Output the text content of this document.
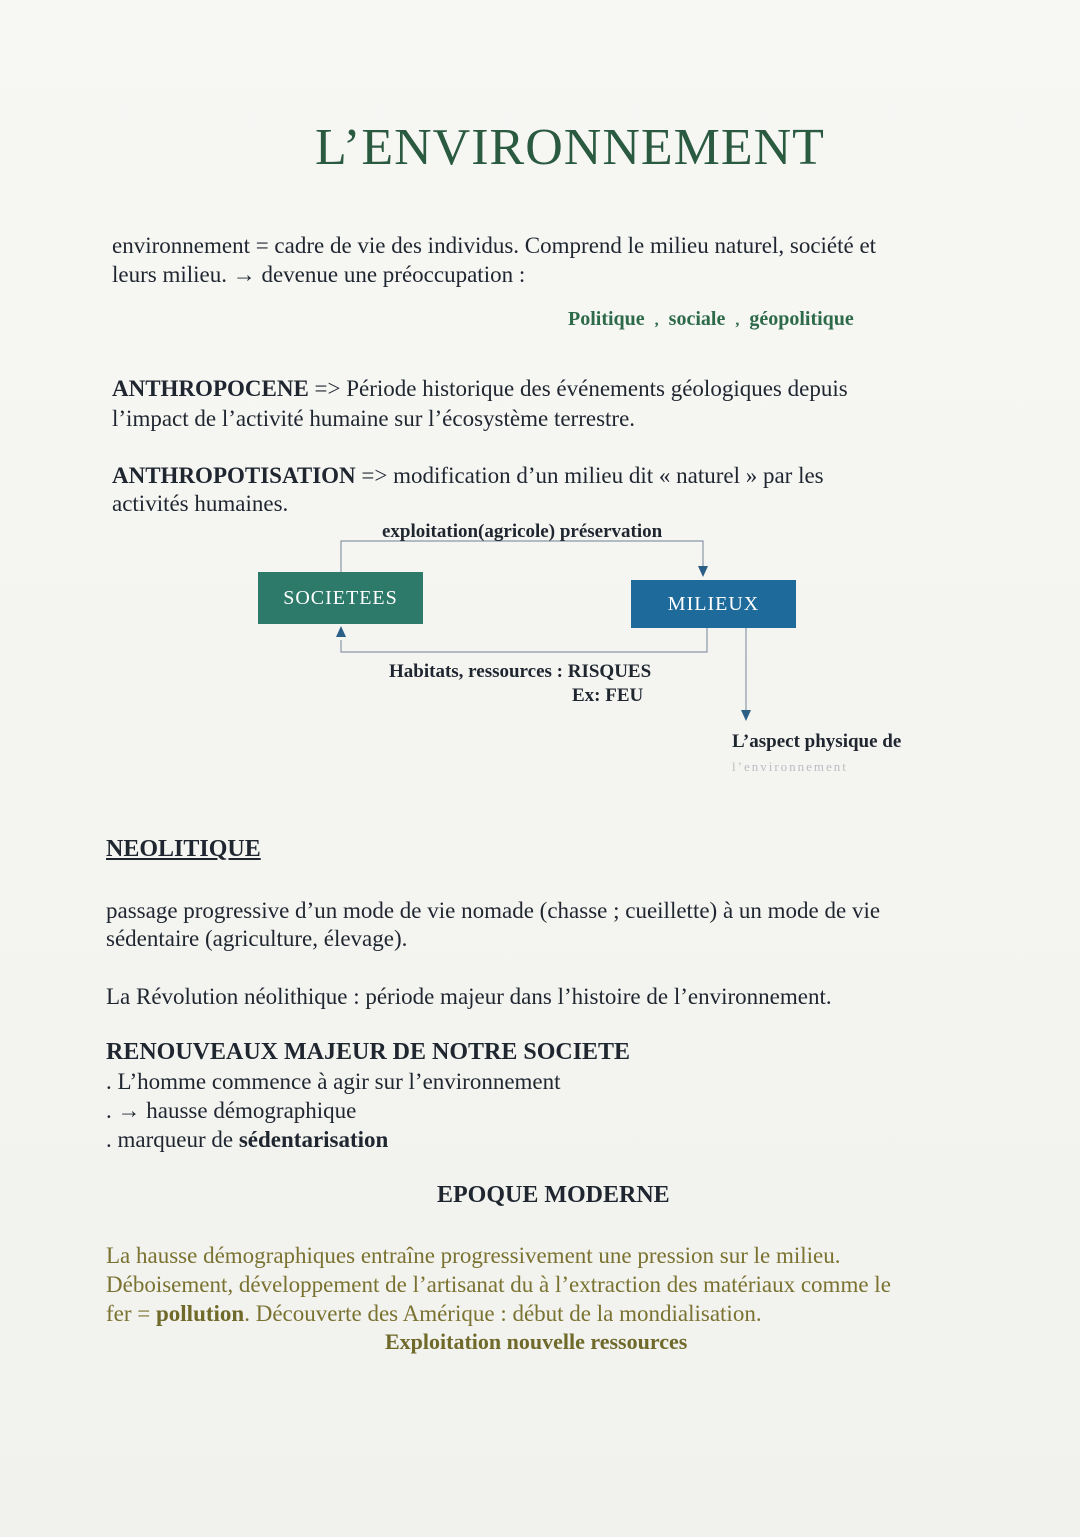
L’ENVIRONNEMENT
environnement = cadre de vie des individus. Comprend le milieu naturel, société et
leurs milieu. → devenue une préoccupation :
Politique , sociale , géopolitique
ANTHROPOCENE => Période historique des événements géologiques depuis
l’impact de l’activité humaine sur l’écosystème terrestre.
ANTHROPOTISATION => modification d’un milieu dit « naturel » par les
activités humaines.
exploitation(agricole) préservation
SOCIETEES	MILIEUX
Habitats, ressources : RISQUES
Ex: FEU
L’aspect physique de
l’environnement
NEOLITIQUE
passage progressive d’un mode de vie nomade (chasse ; cueillette) à un mode de vie
sédentaire (agriculture, élevage).
La Révolution néolithique : période majeur dans l’histoire de l’environnement.
RENOUVEAUX MAJEUR DE NOTRE SOCIETE
. L’homme commence à agir sur l’environnement
. → hausse démographique
. marqueur de sédentarisation
EPOQUE MODERNE
La hausse démographiques entraîne progressivement une pression sur le milieu.
Déboisement, développement de l’artisanat du à l’extraction des matériaux comme le
fer = pollution. Découverte des Amérique : début de la mondialisation.
Exploitation nouvelle ressources
